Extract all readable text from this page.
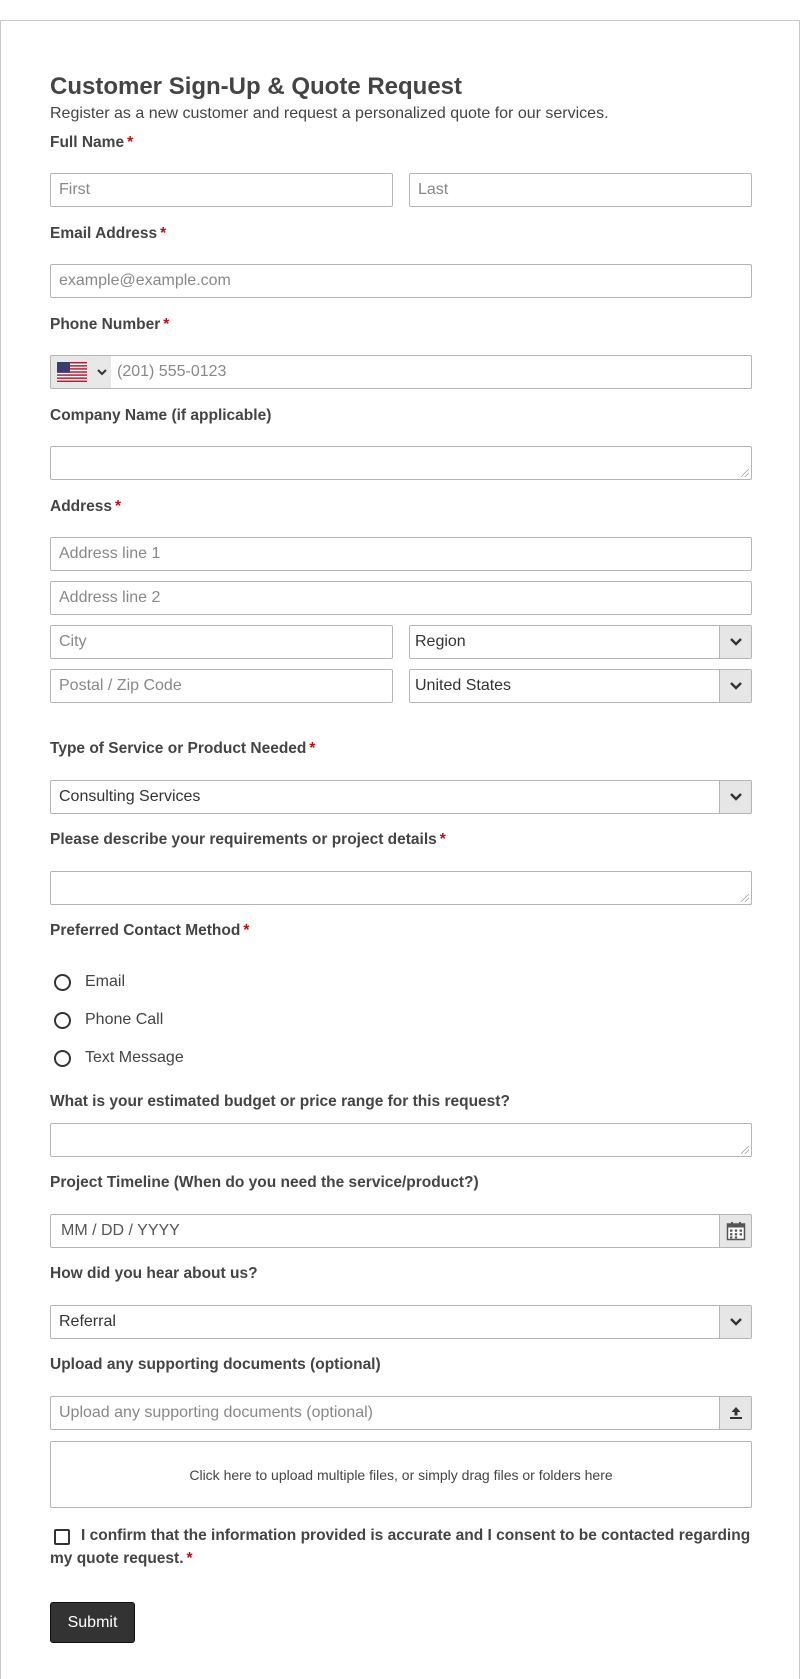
Customer Sign-Up & Quote Request
Register as a new customer and request a personalized quote for our services.
Full Name *
First	Last
Email Address *
example@example.com
Phone Number *
(201) 555-0123
Company Name (if applicable)
Address *
Address line 1
Address line 2
City	Region
Postal / Zip Code	United States
Type of Service or Product Needed *
Consulting Services
Please describe your requirements or project details *
Preferred Contact Method *
Email
Phone Call
Text Message
What is your estimated budget or price range for this request?
Project Timeline (When do you need the service/product?)
MM / DD / YYYY
How did you hear about us?
Referral
Upload any supporting documents (optional)
Upload any supporting documents (optional)
Click here to upload multiple files, or simply drag files or folders here
I confirm that the information provided is accurate and I consent to be contacted regarding my quote request. *
Submit
